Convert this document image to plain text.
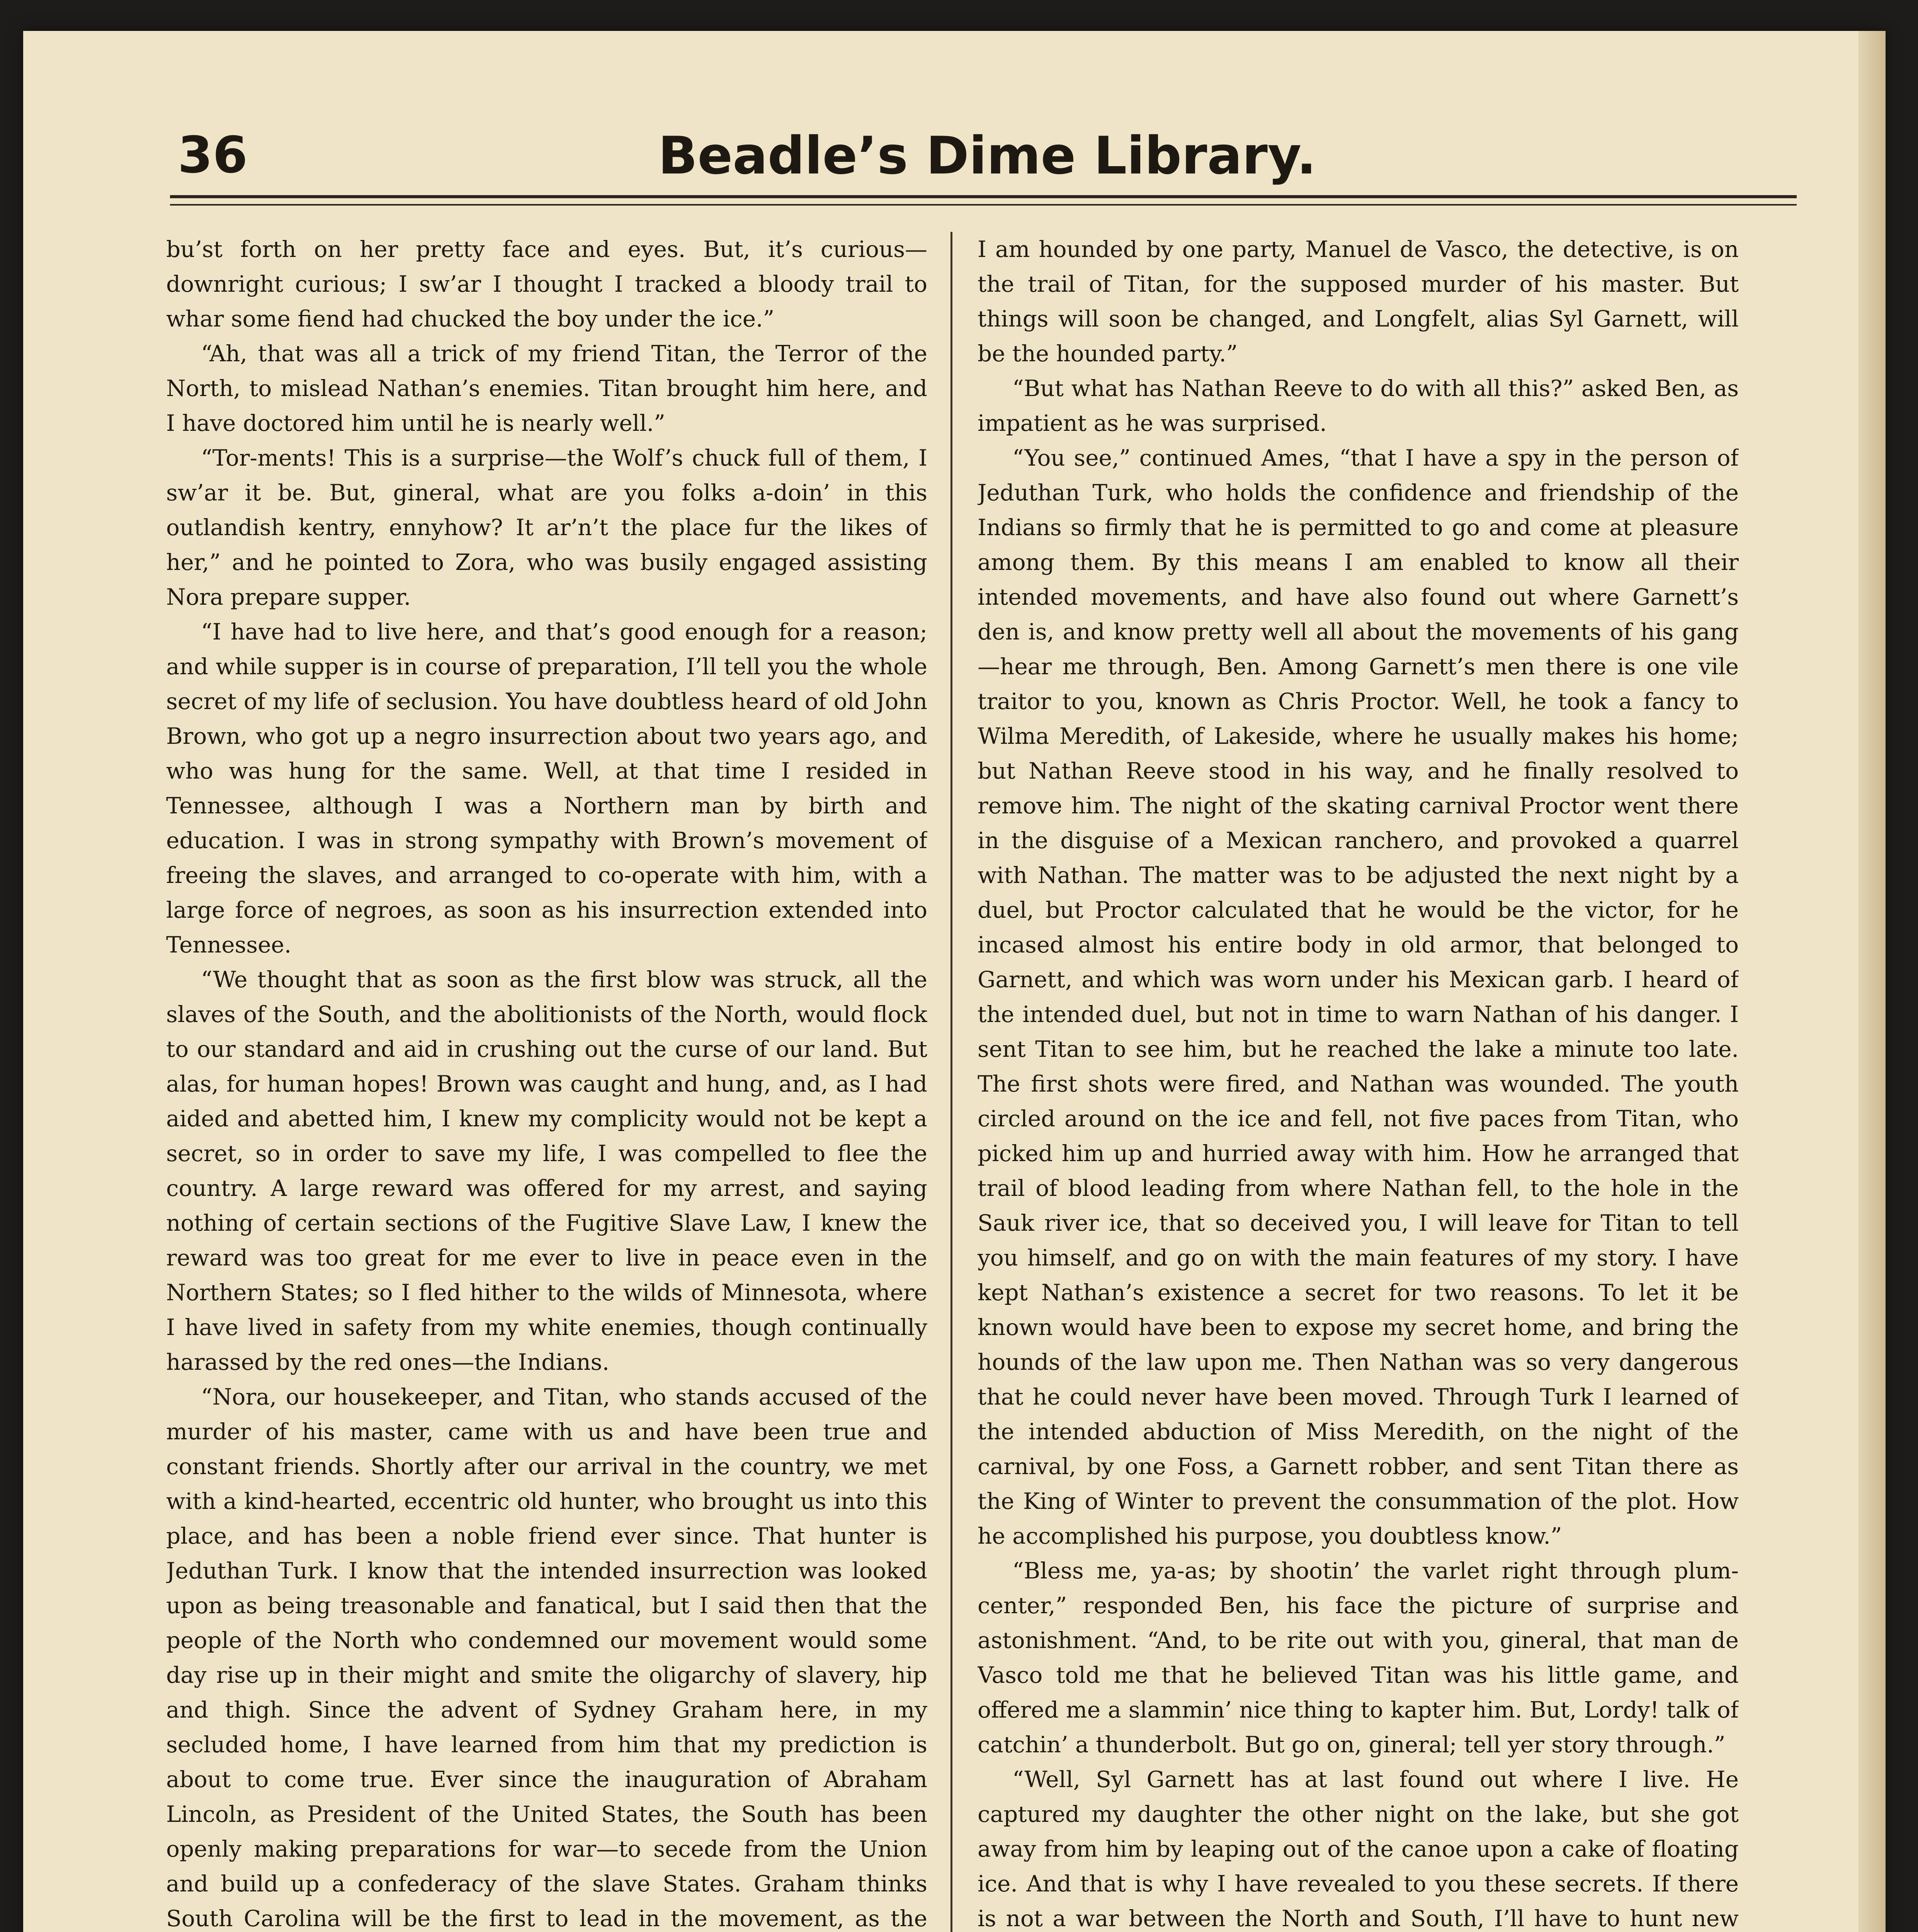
36	Beadle’s Dime Library.

bu’st forth on her pretty face and eyes. But, it’s curious—downright curious; I sw’ar I thought I tracked a bloody trail to whar some fiend had chucked the boy under the ice.”

“Ah, that was all a trick of my friend Titan, the Terror of the North, to mislead Nathan’s enemies. Titan brought him here, and I have doctored him until he is nearly well.”

“Tor-ments! This is a surprise—the Wolf’s chuck full of them, I sw’ar it be. But, gineral, what are you folks a-doin’ in this outlandish kentry, ennyhow? It ar’n’t the place fur the likes of her,” and he pointed to Zora, who was busily engaged assisting Nora prepare supper.

“I have had to live here, and that’s good enough for a reason; and while supper is in course of preparation, I’ll tell you the whole secret of my life of seclusion. You have doubtless heard of old John Brown, who got up a negro insurrection about two years ago, and who was hung for the same. Well, at that time I resided in Tennessee, although I was a Northern man by birth and education. I was in strong sympathy with Brown’s movement of freeing the slaves, and arranged to co-operate with him, with a large force of negroes, as soon as his insurrection extended into Tennessee.

“We thought that as soon as the first blow was struck, all the slaves of the South, and the abolitionists of the North, would flock to our standard and aid in crushing out the curse of our land. But alas, for human hopes! Brown was caught and hung, and, as I had aided and abetted him, I knew my complicity would not be kept a secret, so in order to save my life, I was compelled to flee the country. A large reward was offered for my arrest, and saying nothing of certain sections of the Fugitive Slave Law, I knew the reward was too great for me ever to live in peace even in the Northern States; so I fled hither to the wilds of Minnesota, where I have lived in safety from my white enemies, though continually harassed by the red ones—the Indians.

“Nora, our housekeeper, and Titan, who stands accused of the murder of his master, came with us and have been true and constant friends. Shortly after our arrival in the country, we met with a kind-hearted, eccentric old hunter, who brought us into this place, and has been a noble friend ever since. That hunter is Jeduthan Turk. I know that the intended insurrection was looked upon as being treasonable and fanatical, but I said then that the people of the North who condemned our movement would some day rise up in their might and smite the oligarchy of slavery, hip and thigh. Since the advent of Sydney Graham here, in my secluded home, I have learned from him that my prediction is about to come true. Ever since the inauguration of Abraham Lincoln, as President of the United States, the South has been openly making preparations for war—to secede from the Union and build up a confederacy of the slave States. Graham thinks South Carolina will be the first to lead in the movement, as the

I am hounded by one party, Manuel de Vasco, the detective, is on the trail of Titan, for the supposed murder of his master. But things will soon be changed, and Longfelt, alias Syl Garnett, will be the hounded party.”

“But what has Nathan Reeve to do with all this?” asked Ben, as impatient as he was surprised.

“You see,” continued Ames, “that I have a spy in the person of Jeduthan Turk, who holds the confidence and friendship of the Indians so firmly that he is permitted to go and come at pleasure among them. By this means I am enabled to know all their intended movements, and have also found out where Garnett’s den is, and know pretty well all about the movements of his gang—hear me through, Ben. Among Garnett’s men there is one vile traitor to you, known as Chris Proctor. Well, he took a fancy to Wilma Meredith, of Lakeside, where he usually makes his home; but Nathan Reeve stood in his way, and he finally resolved to remove him. The night of the skating carnival Proctor went there in the disguise of a Mexican ranchero, and provoked a quarrel with Nathan. The matter was to be adjusted the next night by a duel, but Proctor calculated that he would be the victor, for he incased almost his entire body in old armor, that belonged to Garnett, and which was worn under his Mexican garb. I heard of the intended duel, but not in time to warn Nathan of his danger. I sent Titan to see him, but he reached the lake a minute too late. The first shots were fired, and Nathan was wounded. The youth circled around on the ice and fell, not five paces from Titan, who picked him up and hurried away with him. How he arranged that trail of blood leading from where Nathan fell, to the hole in the Sauk river ice, that so deceived you, I will leave for Titan to tell you himself, and go on with the main features of my story. I have kept Nathan’s existence a secret for two reasons. To let it be known would have been to expose my secret home, and bring the hounds of the law upon me. Then Nathan was so very dangerous that he could never have been moved. Through Turk I learned of the intended abduction of Miss Meredith, on the night of the carnival, by one Foss, a Garnett robber, and sent Titan there as the King of Winter to prevent the consummation of the plot. How he accomplished his purpose, you doubtless know.”

“Bless me, ya-as; by shootin’ the varlet right through plum-center,” responded Ben, his face the picture of surprise and astonishment. “And, to be rite out with you, gineral, that man de Vasco told me that he believed Titan was his little game, and offered me a slammin’ nice thing to kapter him. But, Lordy! talk of catchin’ a thunderbolt. But go on, gineral; tell yer story through.”

“Well, Syl Garnett has at last found out where I live. He captured my daughter the other night on the lake, but she got away from him by leaping out of the canoe upon a cake of floating ice. And that is why I have revealed to you these secrets. If there is not a war between the North and South, I’ll have to hunt new
